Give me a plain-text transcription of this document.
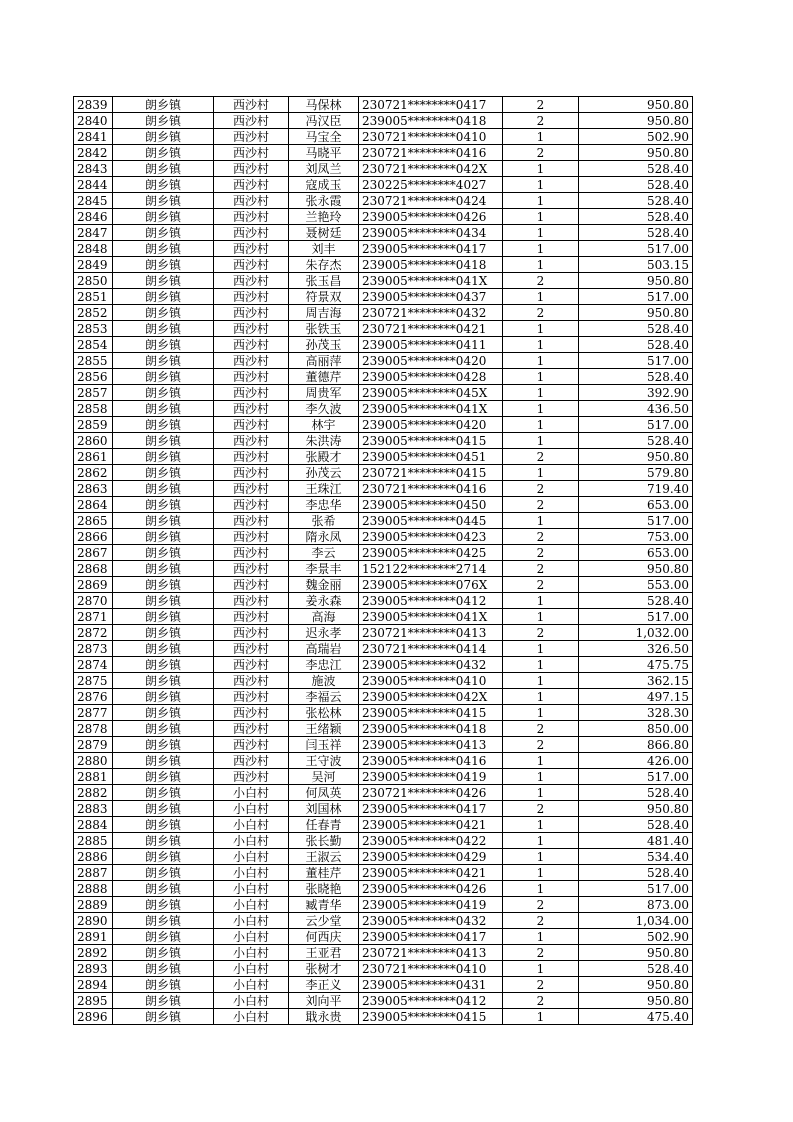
2839	朗乡镇	西沙村	马保林	230721********0417	2	950.80
2840	朗乡镇	西沙村	冯汉臣	239005********0418	2	950.80
2841	朗乡镇	西沙村	马宝全	230721********0410	1	502.90
2842	朗乡镇	西沙村	马晓平	230721********0416	2	950.80
2843	朗乡镇	西沙村	刘凤兰	230721********042X	1	528.40
2844	朗乡镇	西沙村	寇成玉	230225********4027	1	528.40
2845	朗乡镇	西沙村	张永霞	230721********0424	1	528.40
2846	朗乡镇	西沙村	兰艳玲	239005********0426	1	528.40
2847	朗乡镇	西沙村	聂树廷	239005********0434	1	528.40
2848	朗乡镇	西沙村	刘丰	239005********0417	1	517.00
2849	朗乡镇	西沙村	朱存杰	239005********0418	1	503.15
2850	朗乡镇	西沙村	张玉昌	239005********041X	2	950.80
2851	朗乡镇	西沙村	符景双	239005********0437	1	517.00
2852	朗乡镇	西沙村	周吉海	230721********0432	2	950.80
2853	朗乡镇	西沙村	张铁玉	230721********0421	1	528.40
2854	朗乡镇	西沙村	孙茂玉	239005********0411	1	528.40
2855	朗乡镇	西沙村	高丽萍	239005********0420	1	517.00
2856	朗乡镇	西沙村	董德芹	239005********0428	1	528.40
2857	朗乡镇	西沙村	周贵军	239005********045X	1	392.90
2858	朗乡镇	西沙村	李久波	239005********041X	1	436.50
2859	朗乡镇	西沙村	林宇	239005********0420	1	517.00
2860	朗乡镇	西沙村	朱洪涛	239005********0415	1	528.40
2861	朗乡镇	西沙村	张殿才	239005********0451	2	950.80
2862	朗乡镇	西沙村	孙茂云	230721********0415	1	579.80
2863	朗乡镇	西沙村	王珠江	230721********0416	2	719.40
2864	朗乡镇	西沙村	李忠华	239005********0450	2	653.00
2865	朗乡镇	西沙村	张希	239005********0445	1	517.00
2866	朗乡镇	西沙村	隋永凤	239005********0423	2	753.00
2867	朗乡镇	西沙村	李云	239005********0425	2	653.00
2868	朗乡镇	西沙村	李景丰	152122********2714	2	950.80
2869	朗乡镇	西沙村	魏金丽	239005********076X	2	553.00
2870	朗乡镇	西沙村	姜永森	239005********0412	1	528.40
2871	朗乡镇	西沙村	高海	239005********041X	1	517.00
2872	朗乡镇	西沙村	迟永孝	230721********0413	2	1,032.00
2873	朗乡镇	西沙村	高瑞岩	230721********0414	1	326.50
2874	朗乡镇	西沙村	李忠江	239005********0432	1	475.75
2875	朗乡镇	西沙村	施波	239005********0410	1	362.15
2876	朗乡镇	西沙村	李福云	239005********042X	1	497.15
2877	朗乡镇	西沙村	张松林	239005********0415	1	328.30
2878	朗乡镇	西沙村	王绪颖	239005********0418	2	850.00
2879	朗乡镇	西沙村	闫玉祥	239005********0413	2	866.80
2880	朗乡镇	西沙村	王守波	239005********0416	1	426.00
2881	朗乡镇	西沙村	吴河	239005********0419	1	517.00
2882	朗乡镇	小白村	何凤英	230721********0426	1	528.40
2883	朗乡镇	小白村	刘国林	239005********0417	2	950.80
2884	朗乡镇	小白村	任春青	239005********0421	1	528.40
2885	朗乡镇	小白村	张长勤	239005********0422	1	481.40
2886	朗乡镇	小白村	王淑云	239005********0429	1	534.40
2887	朗乡镇	小白村	董桂芹	239005********0421	1	528.40
2888	朗乡镇	小白村	张晓艳	239005********0426	1	517.00
2889	朗乡镇	小白村	臧青华	239005********0419	2	873.00
2890	朗乡镇	小白村	云少堂	239005********0432	2	1,034.00
2891	朗乡镇	小白村	何西庆	239005********0417	1	502.90
2892	朗乡镇	小白村	王亚君	230721********0413	2	950.80
2893	朗乡镇	小白村	张树才	230721********0410	1	528.40
2894	朗乡镇	小白村	李正义	239005********0431	2	950.80
2895	朗乡镇	小白村	刘向平	239005********0412	2	950.80
2896	朗乡镇	小白村	戢永贵	239005********0415	1	475.40
